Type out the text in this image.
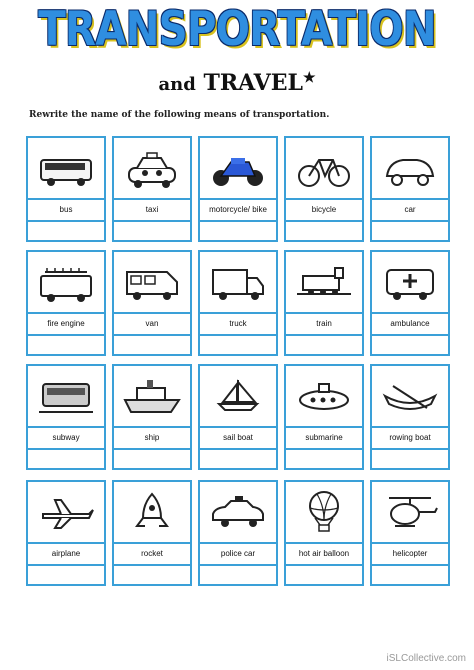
TRANSPORTATION
and TRAVEL★
Rewrite the name of the following means of transportation.
bus	taxi	motorcycle/ bike	bicycle	car
fire engine	van	truck	train	ambulance
subway	ship	sail boat	submarine	rowing boat
airplane	rocket	police car	hot air balloon	helicopter
iSLCollective.com
